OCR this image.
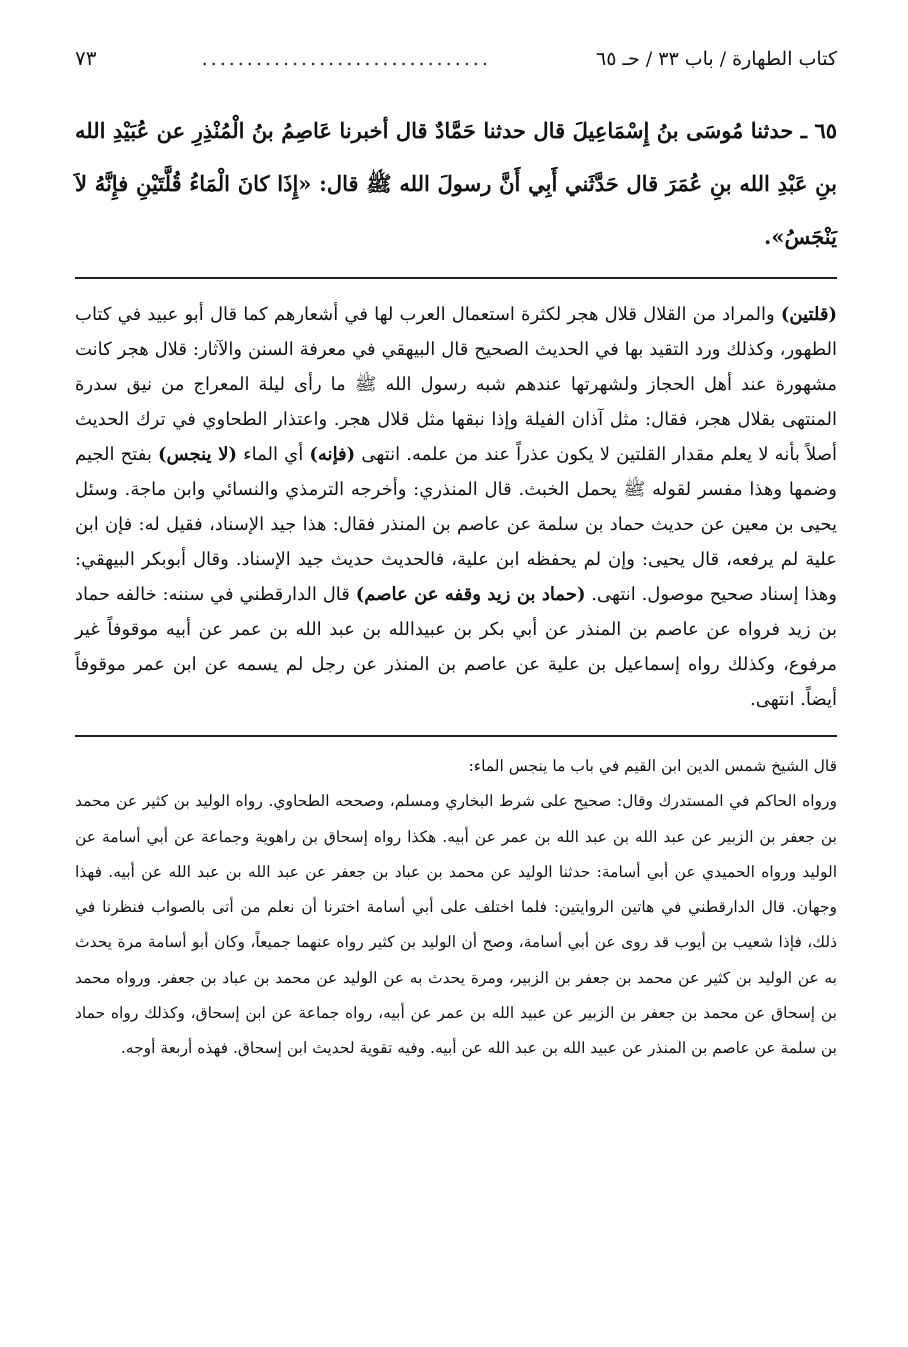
كتاب الطهارة / باب ٣٣ / حـ ٦٥
................................
٧٣
٦٥ ـ حدثنا مُوسَى بنُ إِسْمَاعِيلَ قال حدثنا حَمَّادٌ قال أخبرنا عَاصِمُ بنُ الْمُنْذِرِ عن عُبَيْدِ الله بنِ عَبْدِ الله بنِ عُمَرَ قال حَدَّثَني أَبِي أَنَّ رسولَ الله ﷺ قال: «إِذَا كانَ الْمَاءُ قُلَّتَيْنِ فإِنَّهُ لاَ يَنْجَسُ».
(قلتين) والمراد من القلال قلال هجر لكثرة استعمال العرب لها في أشعارهم كما قال أبو عبيد في كتاب الطهور، وكذلك ورد التقيد بها في الحديث الصحيح قال البيهقي في معرفة السنن والآثار: قلال هجر كانت مشهورة عند أهل الحجاز ولشهرتها عندهم شبه رسول الله ﷺ ما رأى ليلة المعراج من نيق سدرة المنتهى بقلال هجر، فقال: مثل آذان الفيلة وإذا نبقها مثل قلال هجر. واعتذار الطحاوي في ترك الحديث أصلاً بأنه لا يعلم مقدار القلتين لا يكون عذراً عند من علمه. انتهى (فإنه) أي الماء (لا ينجس) بفتح الجيم وضمها وهذا مفسر لقوله ﷺ يحمل الخبث. قال المنذري: وأخرجه الترمذي والنسائي وابن ماجة. وسئل يحيى بن معين عن حديث حماد بن سلمة عن عاصم بن المنذر فقال: هذا جيد الإسناد، فقيل له: فإن ابن علية لم يرفعه، قال يحيى: وإن لم يحفظه ابن علية، فالحديث حديث جيد الإسناد. وقال أبوبكر البيهقي: وهذا إسناد صحيح موصول. انتهى. (حماد بن زيد وقفه عن عاصم) قال الدارقطني في سننه: خالفه حماد بن زيد فرواه عن عاصم بن المنذر عن أبي بكر بن عبيدالله بن عبد الله بن عمر عن أبيه موقوفاً غير مرفوع، وكذلك رواه إسماعيل بن علية عن عاصم بن المنذر عن رجل لم يسمه عن ابن عمر موقوفاً أيضاً. انتهى.
قال الشيخ شمس الدين ابن القيم في باب ما ينجس الماء:
ورواه الحاكم في المستدرك وقال: صحيح على شرط البخاري ومسلم، وصححه الطحاوي. رواه الوليد بن كثير عن محمد بن جعفر بن الزبير عن عبد الله بن عبد الله بن عمر عن أبيه. هكذا رواه إسحاق بن راهوية وجماعة عن أبي أسامة عن الوليد ورواه الحميدي عن أبي أسامة: حدثنا الوليد عن محمد بن عباد بن جعفر عن عبد الله بن عبد الله عن أبيه. فهذا وجهان. قال الدارقطني في هاتين الروايتين: فلما اختلف على أبي أسامة اخترنا أن نعلم من أتى بالصواب فنظرنا في ذلك، فإذا شعيب بن أيوب قد روى عن أبي أسامة، وصح أن الوليد بن كثير رواه عنهما جميعاً، وكان أبو أسامة مرة يحدث به عن الوليد بن كثير عن محمد بن جعفر بن الزبير، ومرة يحدث به عن الوليد عن محمد بن عباد بن جعفر. ورواه محمد بن إسحاق عن محمد بن جعفر بن الزبير عن عبيد الله بن عمر عن أبيه، رواه جماعة عن ابن إسحاق، وكذلك رواه حماد بن سلمة عن عاصم بن المنذر عن عبيد الله بن عبد الله عن أبيه. وفيه تقوية لحديث ابن إسحاق. فهذه أربعة أوجه.
